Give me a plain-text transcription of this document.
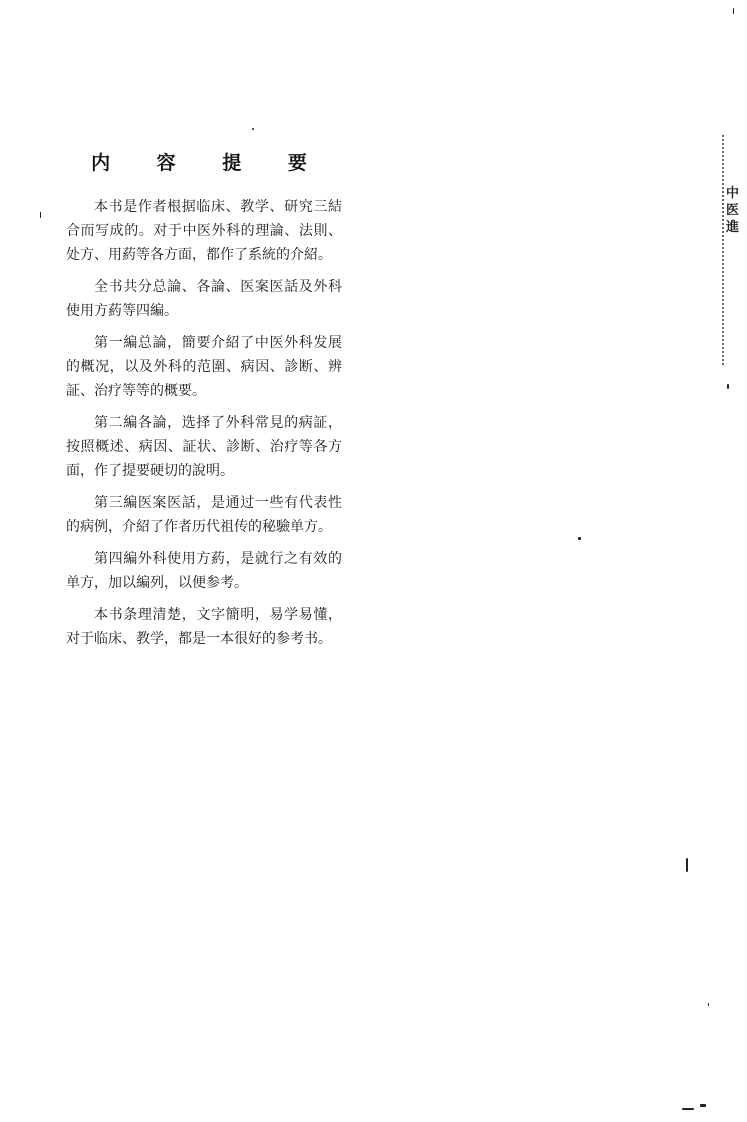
内 容 提 要

本书是作者根据临床、教学、研究三結合而写成的。对于中医外科的理論、法則、处方、用葯等各方面，都作了系統的介紹。

全书共分总論、各論、医案医話及外科使用方葯等四編。

第一編总論，簡要介紹了中医外科发展的概况，以及外科的范圍、病因、診断、辨証、治疗等等的概要。

第二編各論，选择了外科常見的病証，按照概述、病因、証状、診断、治疗等各方面，作了提要硬切的說明。

第三編医案医話，是通过一些有代表性的病例，介紹了作者历代祖传的秘驗单方。

第四編外科使用方葯，是就行之有效的单方，加以編列，以便参考。

本书条理清楚，文字簡明，易学易懂，对于临床、教学，都是一本很好的参考书。

中医 進
